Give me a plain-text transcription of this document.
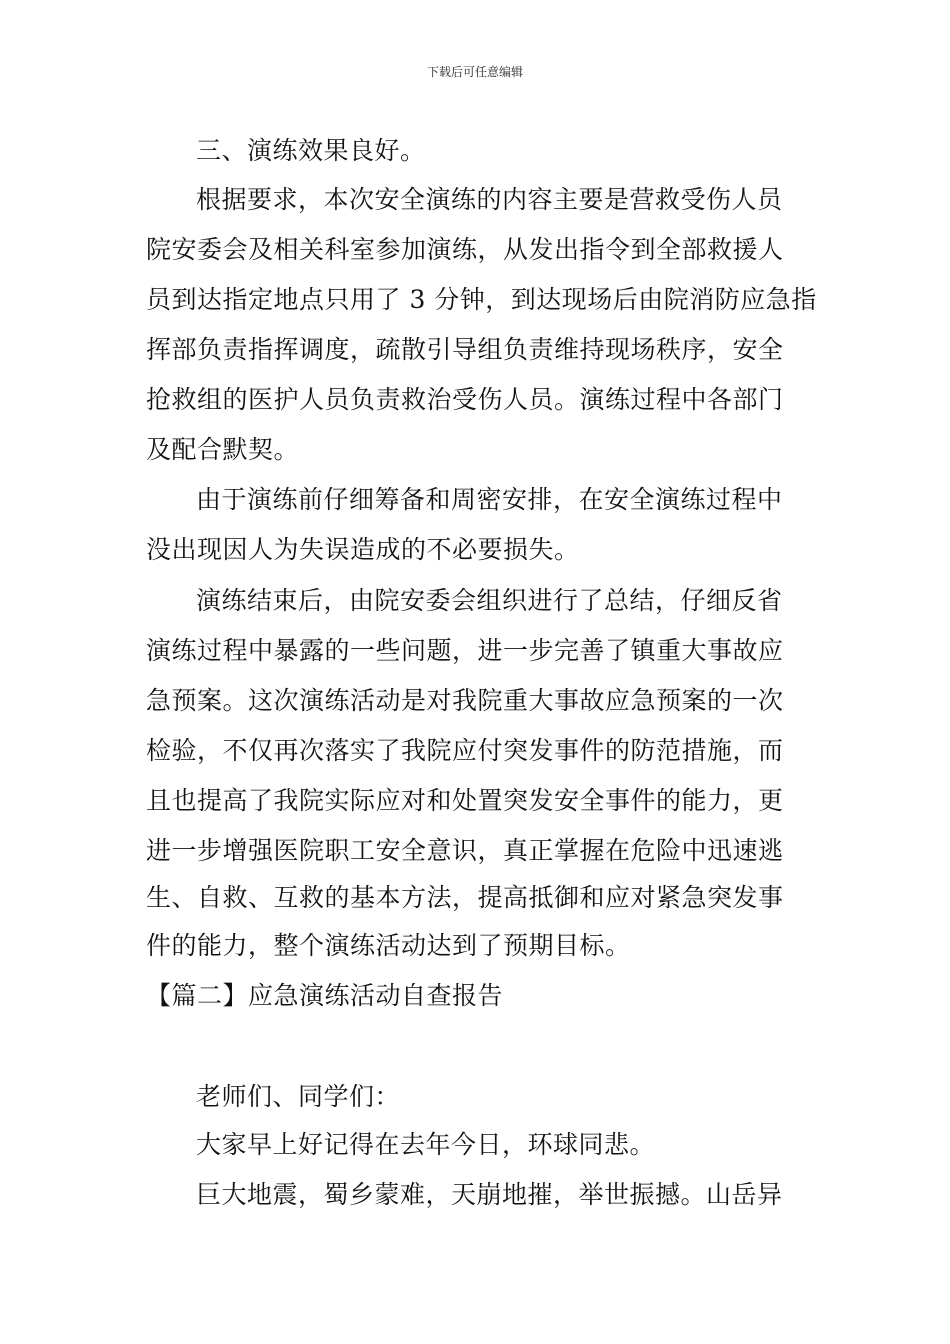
下载后可任意编辑
三、演练效果良好。
根据要求，本次安全演练的内容主要是营救受伤人员
院安委会及相关科室参加演练，从发出指令到全部救援人
员到达指定地点只用了 3 分钟，到达现场后由院消防应急指
挥部负责指挥调度，疏散引导组负责维持现场秩序，安全
抢救组的医护人员负责救治受伤人员。演练过程中各部门
及配合默契。
由于演练前仔细筹备和周密安排，在安全演练过程中
没出现因人为失误造成的不必要损失。
演练结束后，由院安委会组织进行了总结，仔细反省
演练过程中暴露的一些问题，进一步完善了镇重大事故应
急预案。这次演练活动是对我院重大事故应急预案的一次
检验，不仅再次落实了我院应付突发事件的防范措施，而
且也提高了我院实际应对和处置突发安全事件的能力，更
进一步增强医院职工安全意识，真正掌握在危险中迅速逃
生、自救、互救的基本方法，提高抵御和应对紧急突发事
件的能力，整个演练活动达到了预期目标。
【篇二】应急演练活动自查报告
老师们、同学们：
大家早上好记得在去年今日，环球同悲。
巨大地震，蜀乡蒙难，天崩地摧，举世振撼。山岳异
